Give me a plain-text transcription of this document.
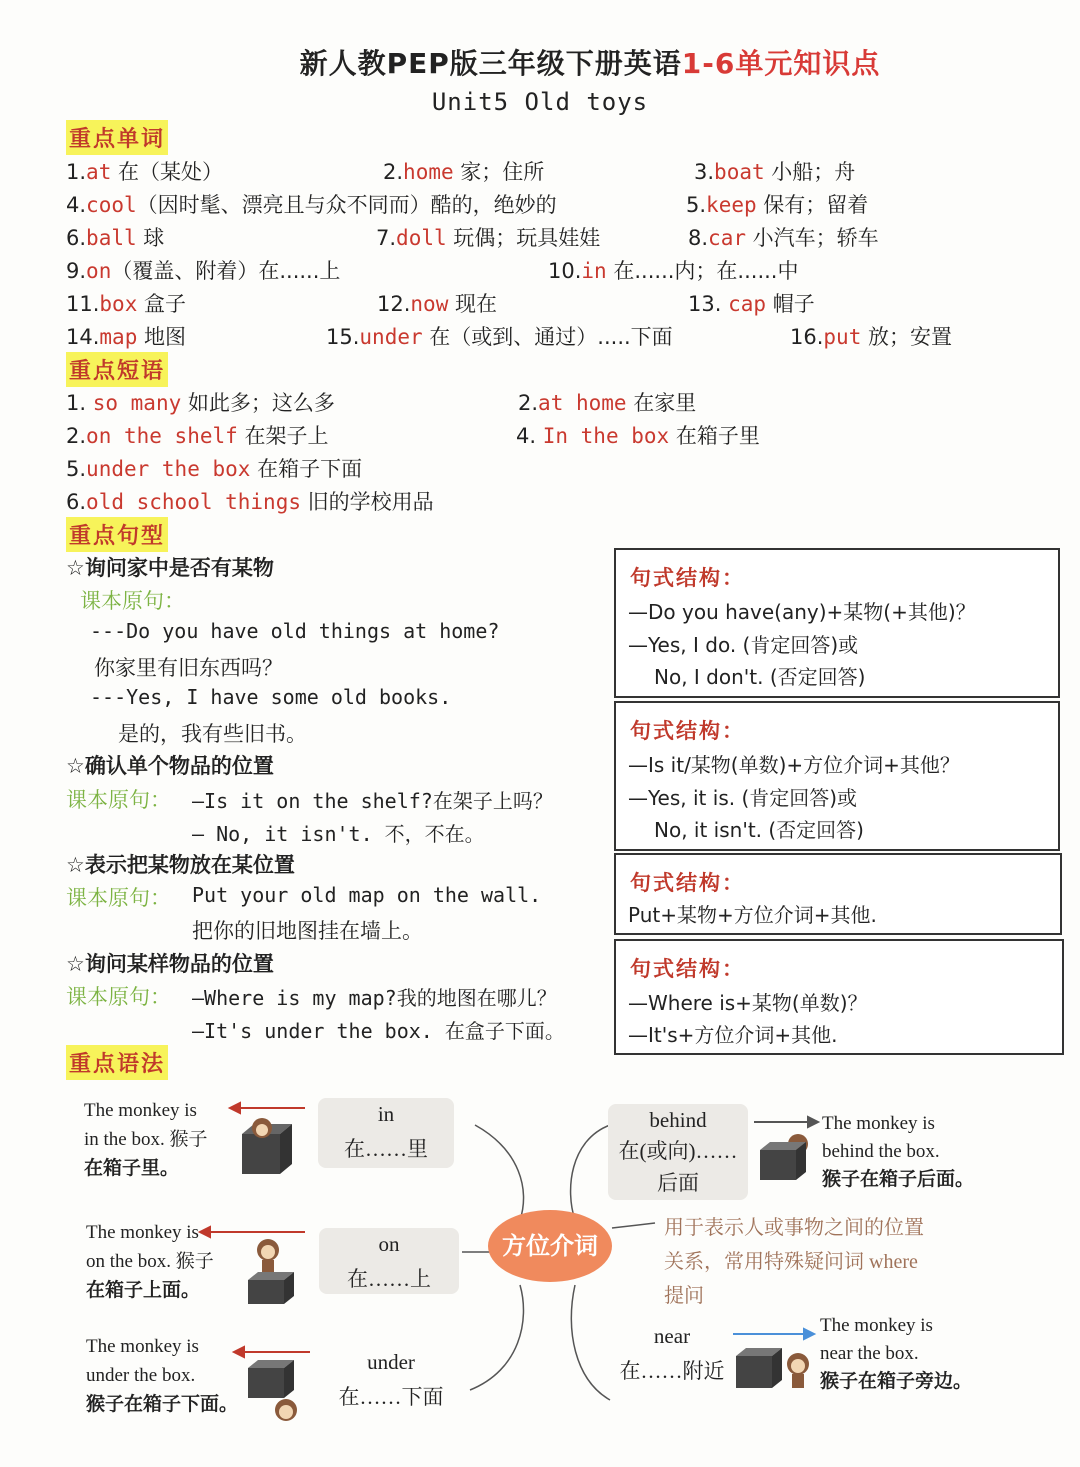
新人教PEP版三年级下册英语1-6单元知识点
Unit5 Old toys
重点单词
1.at 在（某处）	2.home 家；住所	3.boat 小船；舟
4.cool（因时髦、漂亮且与众不同而）酷的，绝妙的	5.keep 保有；留着
6.ball 球	7.doll 玩偶；玩具娃娃	8.car 小汽车；轿车
9.on（覆盖、附着）在......上	10.in 在......内；在......中
11.box 盒子	12.now 现在	13. cap 帽子
14.map 地图	15.under 在（或到、通过）.....下面	16.put 放；安置
重点短语
1. so many 如此多；这么多	2.at home 在家里
2.on the shelf 在架子上	4. In the box 在箱子里
5.under the box 在箱子下面
6.old school things 旧的学校用品
重点句型
☆询问家中是否有某物
课本原句：
---Do you have old things at home?
你家里有旧东西吗？
---Yes, I have some old books.
是的，我有些旧书。
☆确认单个物品的位置
课本原句： —Is it on the shelf?在架子上吗？
— No, it isn't. 不，不在。
☆表示把某物放在某位置
课本原句： Put your old map on the wall.
把你的旧地图挂在墙上。
☆询问某样物品的位置
课本原句： —Where is my map?我的地图在哪儿？
—It's under the box. 在盒子下面。
句式结构：
—Do you have(any)+某物(+其他)？
—Yes, I do. (肯定回答)或
No, I don't. (否定回答)
句式结构：
—Is it/某物(单数)+方位介词+其他？
—Yes, it is. (肯定回答)或
No, it isn't. (否定回答)
句式结构：
Put+某物+方位介词+其他.
句式结构：
—Where is+某物(单数)？
—It's+方位介词+其他.
重点语法
方位介词
in
在……里
on
在……上
under
在……下面
behind
在(或向)……
后面
near
在……附近
用于表示人或事物之间的位置
关系，常用特殊疑问词 where
提问
The monkey is
in the box. 猴子
在箱子里。
The monkey is
on the box. 猴子
在箱子上面。
The monkey is
under the box.
猴子在箱子下面。
The monkey is
behind the box.
猴子在箱子后面。
The monkey is
near the box.
猴子在箱子旁边。
